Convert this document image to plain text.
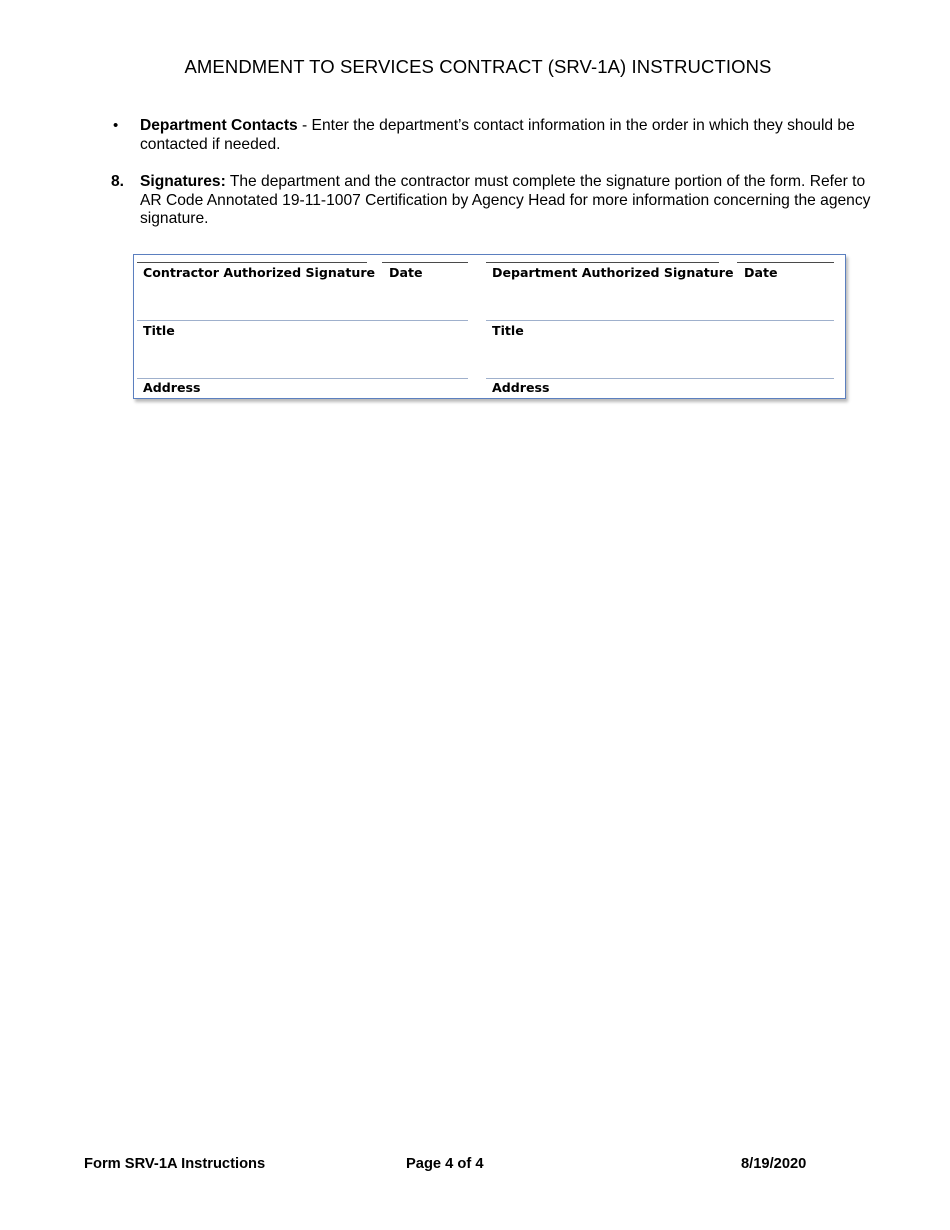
AMENDMENT TO SERVICES CONTRACT (SRV-1A) INSTRUCTIONS
• Department Contacts - Enter the department’s contact information in the order in which they should be contacted if needed.
8. Signatures: The department and the contractor must complete the signature portion of the form. Refer to AR Code Annotated 19-11-1007 Certification by Agency Head for more information concerning the agency signature.
Contractor Authorized Signature Date	Department Authorized Signature Date
Title	Title
Address	Address
Form SRV-1A Instructions	Page 4 of 4	8/19/2020
